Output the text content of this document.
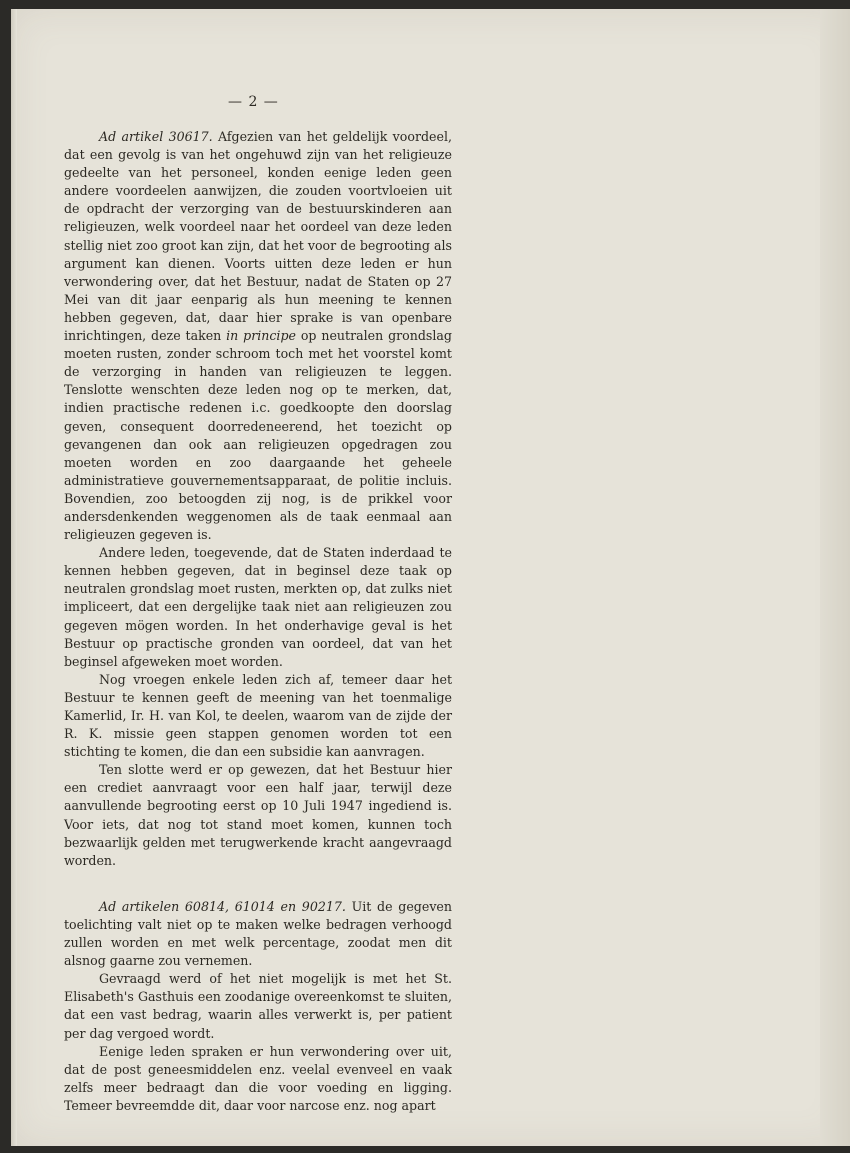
— 2 —

Ad artikel 30617. Afgezien van het geldelijk voordeel, dat een gevolg is van het ongehuwd zijn van het religieuze gedeelte van het personeel, konden eenige leden geen andere voordeelen aanwijzen, die zouden voortvloeien uit de opdracht der verzorging van de bestuurskinderen aan religieuzen, welk voordeel naar het oordeel van deze leden stellig niet zoo groot kan zijn, dat het voor de begrooting als argument kan dienen. Voorts uitten deze leden er hun verwondering over, dat het Bestuur, nadat de Staten op 27 Mei van dit jaar eenparig als hun meening te kennen hebben gegeven, dat, daar hier sprake is van openbare inrichtingen, deze taken in principe op neutralen grondslag moeten rusten, zonder schroom toch met het voorstel komt de verzorging in handen van religieuzen te leggen. Tenslotte wenschten deze leden nog op te merken, dat, indien practische redenen i.c. goedkoopte den doorslag geven, consequent doorredeneerend, het toezicht op gevangenen dan ook aan religieuzen opgedragen zou moeten worden en zoo daargaande het geheele administratieve gouvernementsapparaat, de politie incluis. Bovendien, zoo betoogden zij nog, is de prikkel voor andersdenkenden weggenomen als de taak eenmaal aan religieuzen gegeven is.

Andere leden, toegevende, dat de Staten inderdaad te kennen hebben gegeven, dat in beginsel deze taak op neutralen grondslag moet rusten, merkten op, dat zulks niet impliceert, dat een dergelijke taak niet aan religieuzen zou gegeven mögen worden. In het onderhavige geval is het Bestuur op practische gronden van oordeel, dat van het beginsel afgeweken moet worden.

Nog vroegen enkele leden zich af, temeer daar het Bestuur te kennen geeft de meening van het toenmalige Kamerlid, Ir. H. van Kol, te deelen, waarom van de zijde der R. K. missie geen stappen genomen worden tot een stichting te komen, die dan een subsidie kan aanvragen.

Ten slotte werd er op gewezen, dat het Bestuur hier een crediet aanvraagt voor een half jaar, terwijl deze aanvullende begrooting eerst op 10 Juli 1947 ingediend is. Voor iets, dat nog tot stand moet komen, kunnen toch bezwaarlijk gelden met terugwerkende kracht aangevraagd worden.

Ad artikelen 60814, 61014 en 90217. Uit de gegeven toelichting valt niet op te maken welke bedragen verhoogd zullen worden en met welk percentage, zoodat men dit alsnog gaarne zou vernemen.

Gevraagd werd of het niet mogelijk is met het St. Elisabeth's Gasthuis een zoodanige overeenkomst te sluiten, dat een vast bedrag, waarin alles verwerkt is, per patient per dag vergoed wordt.

Eenige leden spraken er hun verwondering over uit, dat de post geneesmiddelen enz. veelal evenveel en vaak zelfs meer bedraagt dan die voor voeding en ligging. Temeer bevreemdde dit, daar voor narcose enz. nog apart
